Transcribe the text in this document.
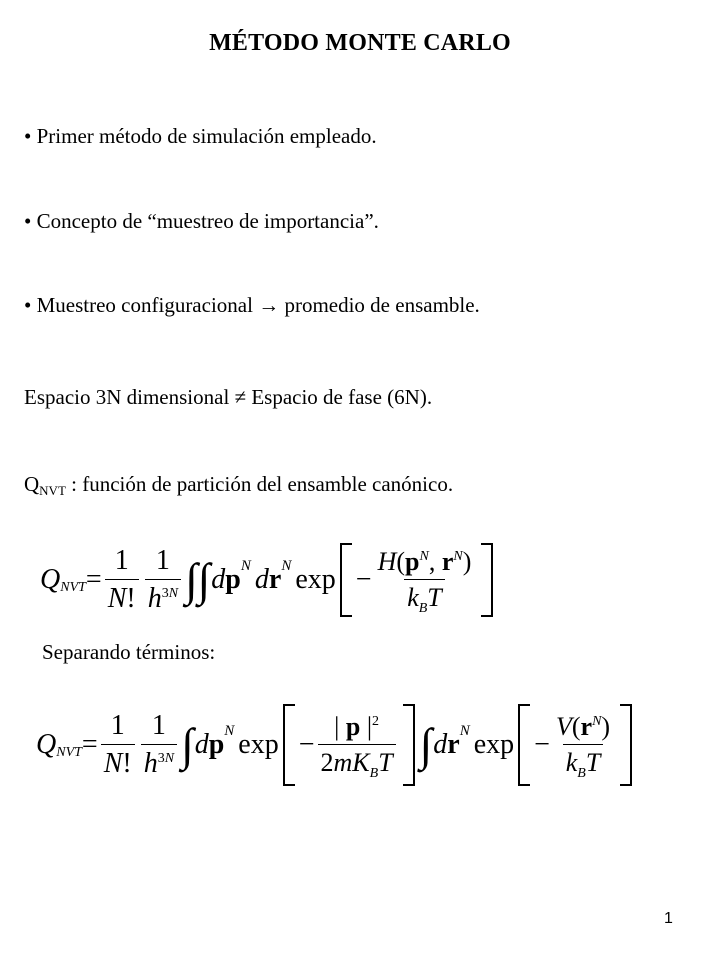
MÉTODO MONTE CARLO
• Primer método de simulación empleado.
• Concepto de “muestreo de importancia”.
• Muestreo configuracional → promedio de ensamble.
Espacio 3N dimensional ≠ Espacio de fase (6N).
QNVT : función de partición del ensamble canónico.
Q NVT = $\frac{1}{N!} \frac{1}{h^{3N}}$ ∫∫ d p N d r N $\exp - \frac{H(p^N, r^N)}{k_BT}$
Separando términos:
Q NVT = $\frac{1}{N!} \frac{1}{h^{3N}}$ ∫ d p N $\exp - \frac{| p |^2}{2mK_BT}$ ∫ d r N $\exp - \frac{V(r^N)}{k_BT}$
1
